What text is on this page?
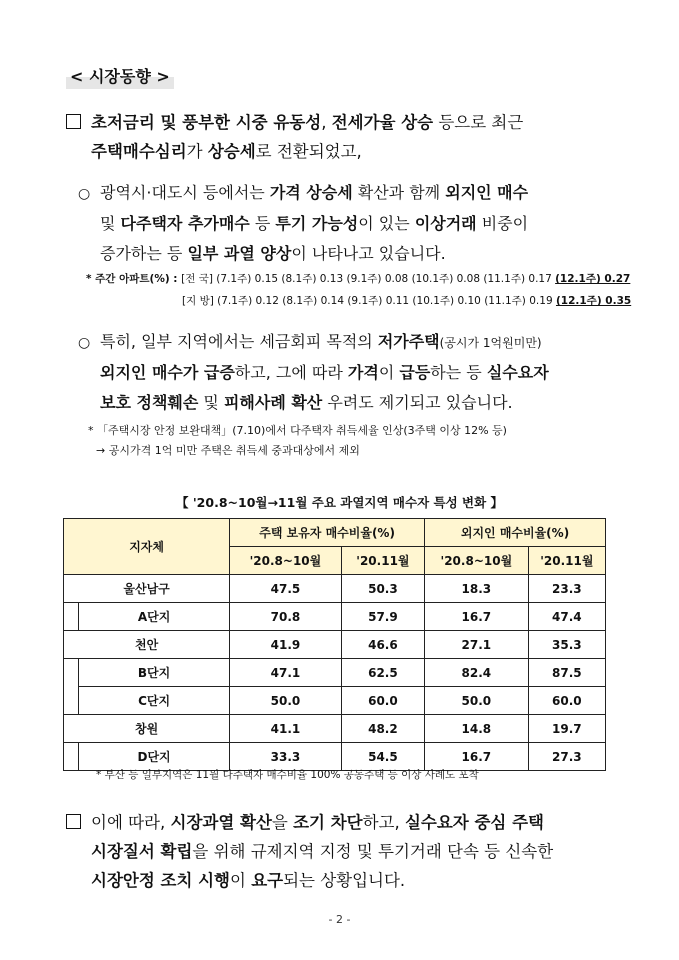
< 시장동향 >
초저금리 및 풍부한 시중 유동성, 전세가율 상승 등으로 최근
주택매수심리가 상승세로 전환되었고,
○ 광역시·대도시 등에서는 가격 상승세 확산과 함께 외지인 매수
및 다주택자 추가매수 등 투기 가능성이 있는 이상거래 비중이
증가하는 등 일부 과열 양상이 나타나고 있습니다.
* 주간 아파트(%) : [전 국] (7.1주) 0.15 (8.1주) 0.13 (9.1주) 0.08 (10.1주) 0.08 (11.1주) 0.17 (12.1주) 0.27
[지 방] (7.1주) 0.12 (8.1주) 0.14 (9.1주) 0.11 (10.1주) 0.10 (11.1주) 0.19 (12.1주) 0.35
○ 특히, 일부 지역에서는 세금회피 목적의 저가주택(공시가 1억원미만)
외지인 매수가 급증하고, 그에 따라 가격이 급등하는 등 실수요자
보호 정책훼손 및 피해사례 확산 우려도 제기되고 있습니다.
* 「주택시장 안정 보완대책」(7.10)에서 다주택자 취득세율 인상(3주택 이상 12% 등)
→ 공시가격 1억 미만 주택은 취득세 중과대상에서 제외
【 '20.8~10월→11월 주요 과열지역 매수자 특성 변화 】
지자체		주택 보유자 매수비율(%)		외지인 매수비율(%)	
		'20.8~10월	'20.11월	'20.8~10월	'20.11월
울산남구		47.5	50.3	18.3	23.3
	A단지	70.8	57.9	16.7	47.4
천안		41.9	46.6	27.1	35.3
	B단지	47.1	62.5	82.4	87.5
	C단지	50.0	60.0	50.0	60.0
창원		41.1	48.2	14.8	19.7
	D단지	33.3	54.5	16.7	27.3
* 부산 등 일부지역은 11월 다주택자 매수비율 100% 공동주택 등 이상 사례도 포착
이에 따라, 시장과열 확산을 조기 차단하고, 실수요자 중심 주택
시장질서 확립을 위해 규제지역 지정 및 투기거래 단속 등 신속한
시장안정 조치 시행이 요구되는 상황입니다.
- 2 -
